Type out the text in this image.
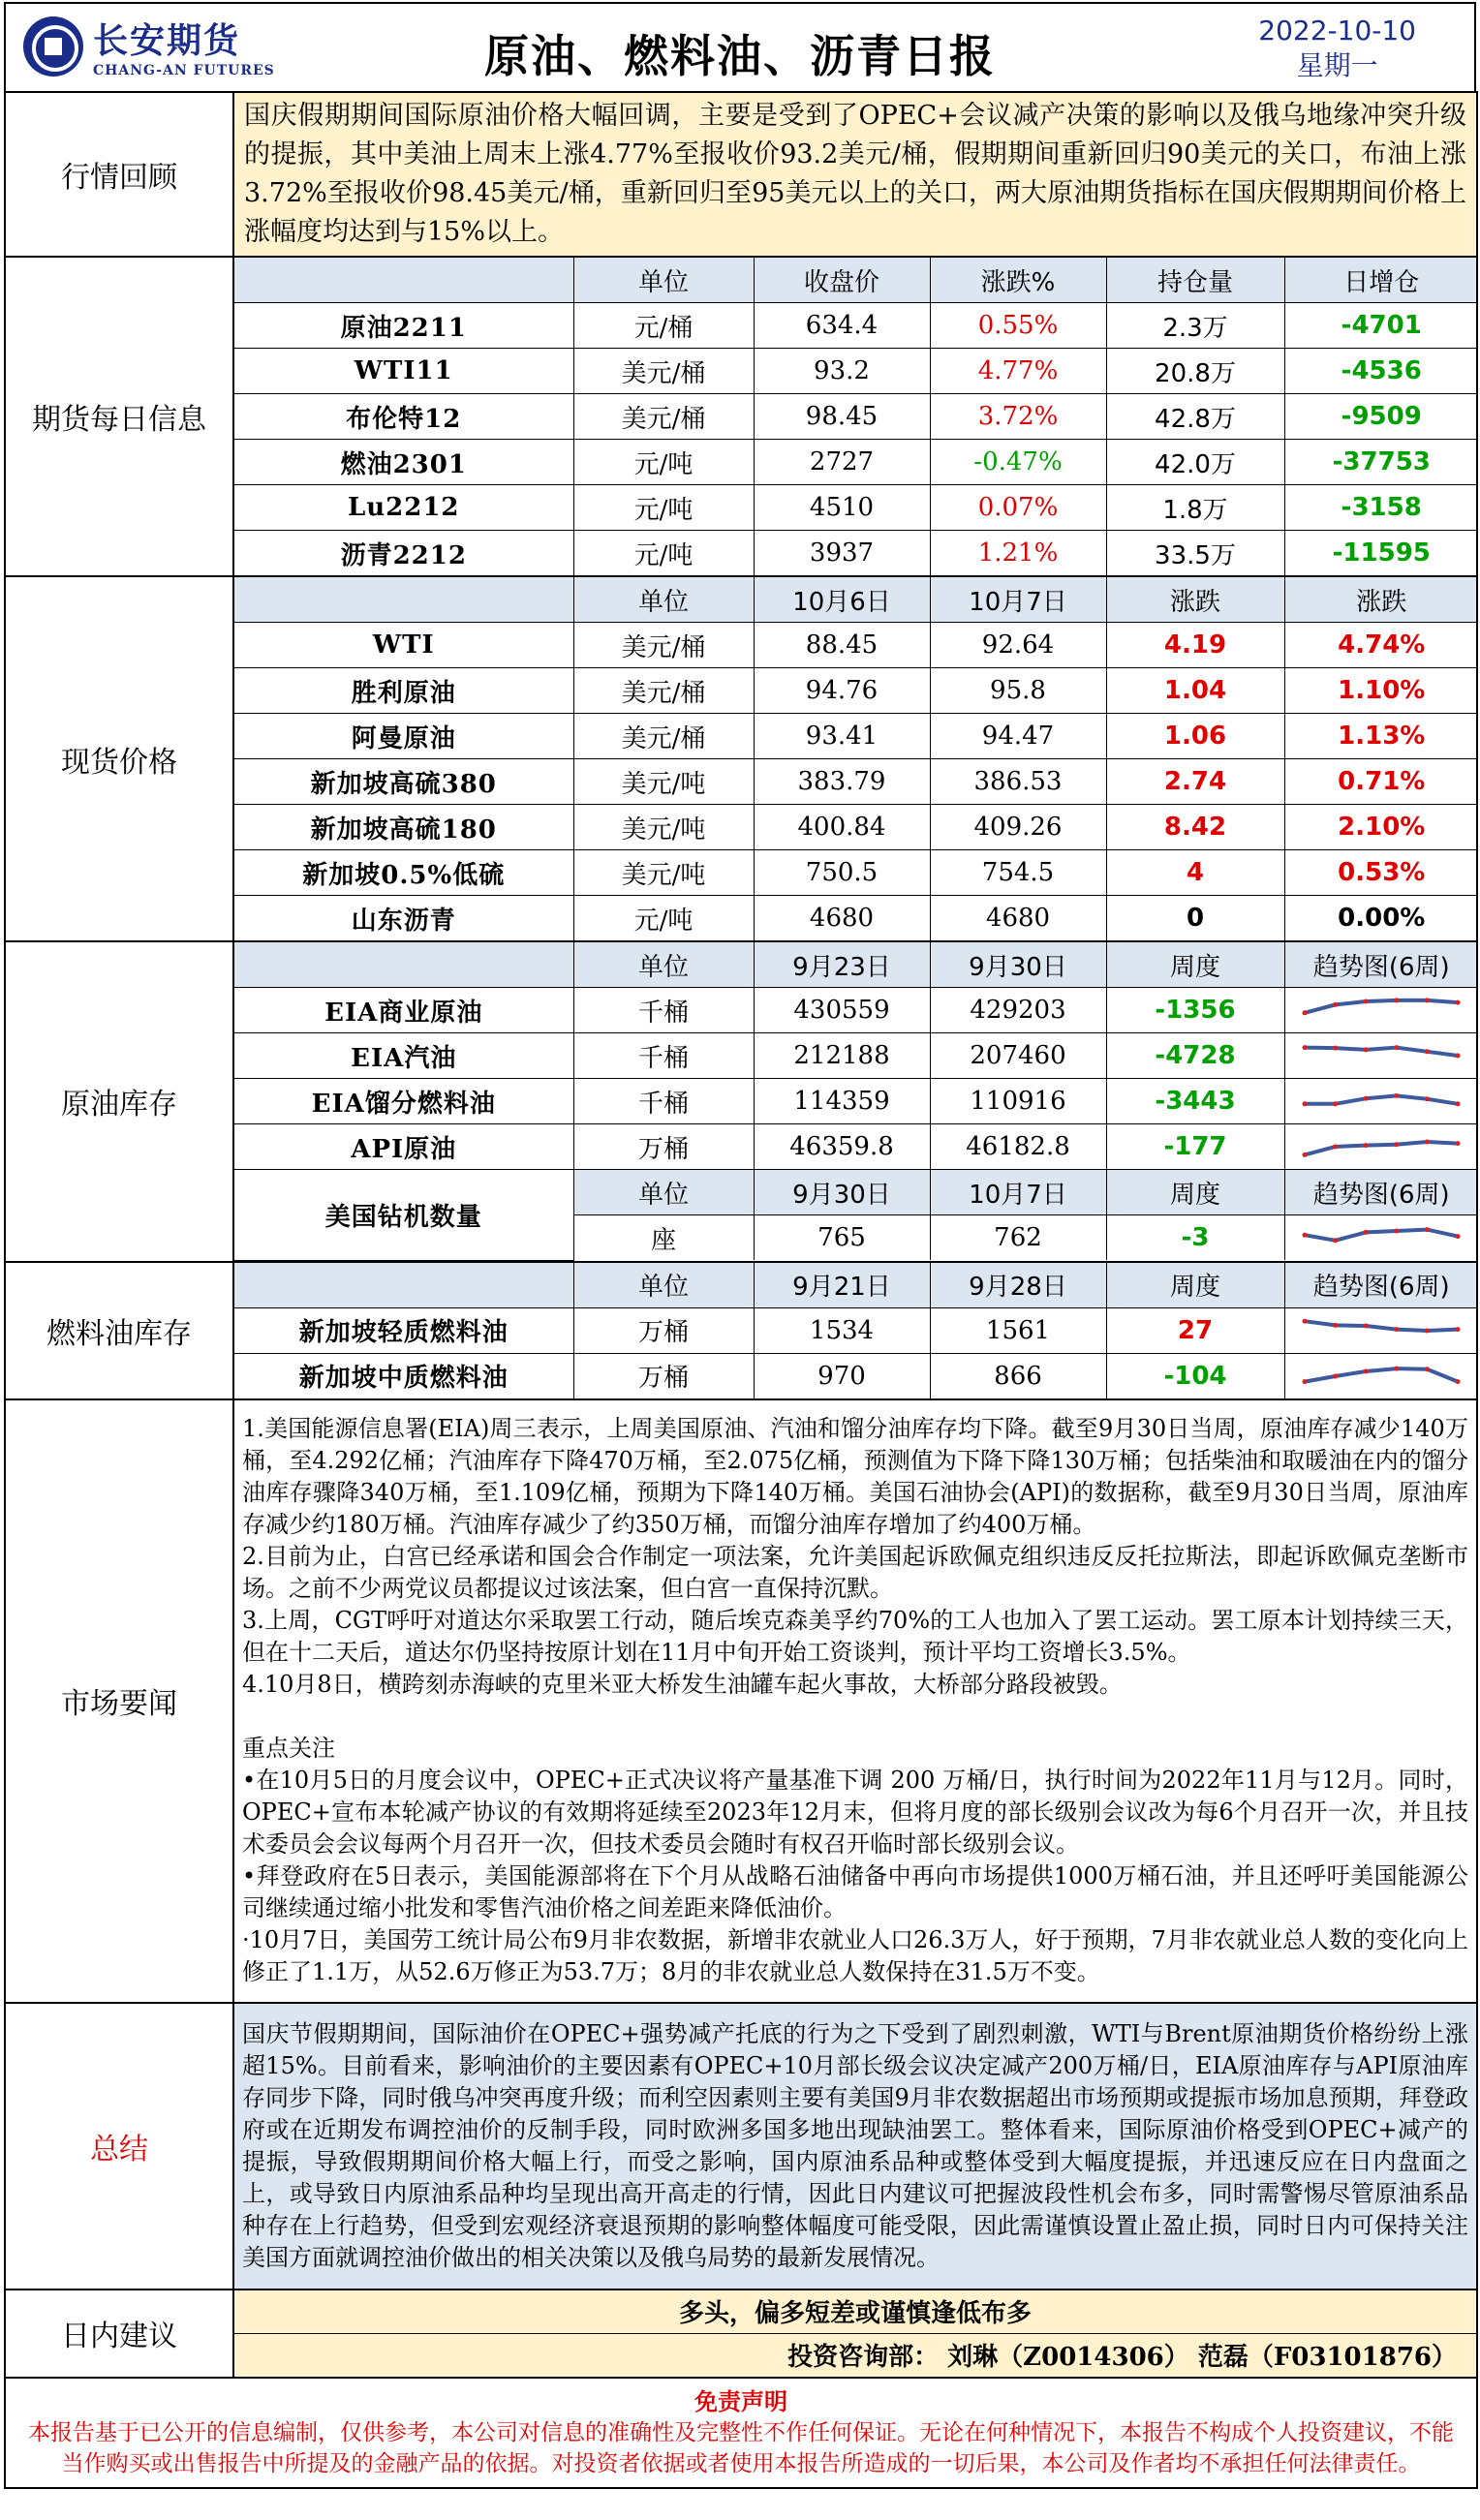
长安期货
CHANG-AN FUTURES	原油、燃料油、沥青日报	2022-10-10
星期一
行情回顾	国庆假期期间国际原油价格大幅回调，主要是受到了OPEC+会议减产决策的影响以及俄乌地缘冲突升级的提振，其中美油上周末上涨4.77%至报收价93.2美元/桶，假期期间重新回归90美元的关口，布油上涨3.72%至报收价98.45美元/桶，重新回归至95美元以上的关口，两大原油期货指标在国庆假期期间价格上涨幅度均达到与15%以上。
期货每日信息	
	单位	收盘价	涨跌%	持仓量	日增仓
原油2211	元/桶	634.4	0.55%	2.3万	-4701
WTI11	美元/桶	93.2	4.77%	20.8万	-4536
布伦特12	美元/桶	98.45	3.72%	42.8万	-9509
燃油2301	元/吨	2727	-0.47%	42.0万	-37753
Lu2212	元/吨	4510	0.07%	1.8万	-3158
沥青2212	元/吨	3937	1.21%	33.5万	-11595

现货价格	
	单位	10月6日	10月7日	涨跌	涨跌
WTI	美元/桶	88.45	92.64	4.19	4.74%
胜利原油	美元/桶	94.76	95.8	1.04	1.10%
阿曼原油	美元/桶	93.41	94.47	1.06	1.13%
新加坡高硫380	美元/吨	383.79	386.53	2.74	0.71%
新加坡高硫180	美元/吨	400.84	409.26	8.42	2.10%
新加坡0.5%低硫	美元/吨	750.5	754.5	4	0.53%
山东沥青	元/吨	4680	4680	0	0.00%

原油库存	
	单位	9月23日	9月30日	周度	趋势图(6周)
EIA商业原油	千桶	430559	429203	-1356	

EIA汽油	千桶	212188	207460	-4728	

EIA馏分燃料油	千桶	114359	110916	-3443	

API原油	万桶	46359.8	46182.8	-177	

美国钻机数量	单位	9月30日	10月7日	周度	趋势图(6周)
座	765	762	-3	

燃料油库存	
	单位	9月21日	9月28日	周度	趋势图(6周)
新加坡轻质燃料油	万桶	1534	1561	27	

新加坡中质燃料油	万桶	970	866	-104	

市场要闻	

1.美国能源信息署(EIA)周三表示，上周美国原油、汽油和馏分油库存均下降。截至9月30日当周，原油库存减少140万桶，至4.292亿桶；汽油库存下降470万桶，至2.075亿桶，预测值为下降下降130万桶；包括柴油和取暖油在内的馏分油库存骤降340万桶，至1.109亿桶，预期为下降140万桶。美国石油协会(API)的数据称，截至9月30日当周，原油库存减少约180万桶。汽油库存减少了约350万桶，而馏分油库存增加了约400万桶。

2.目前为止，白宫已经承诺和国会合作制定一项法案，允许美国起诉欧佩克组织违反反托拉斯法，即起诉欧佩克垄断市场。之前不少两党议员都提议过该法案，但白宫一直保持沉默。

3.上周，CGT呼吁对道达尔采取罢工行动，随后埃克森美孚约70%的工人也加入了罢工运动。罢工原本计划持续三天，但在十二天后，道达尔仍坚持按原计划在11月中旬开始工资谈判，预计平均工资增长3.5%。

4.10月8日，横跨刻赤海峡的克里米亚大桥发生油罐车起火事故，大桥部分路段被毁。

重点关注

•在10月5日的月度会议中，OPEC+正式决议将产量基准下调 200 万桶/日，执行时间为2022年11月与12月。同时，OPEC+宣布本轮减产协议的有效期将延续至2023年12月末，但将月度的部长级别会议改为每6个月召开一次，并且技术委员会会议每两个月召开一次，但技术委员会随时有权召开临时部长级别会议。

•拜登政府在5日表示，美国能源部将在下个月从战略石油储备中再向市场提供1000万桶石油，并且还呼吁美国能源公司继续通过缩小批发和零售汽油价格之间差距来降低油价。

·10月7日，美国劳工统计局公布9月非农数据，新增非农就业人口26.3万人，好于预期，7月非农就业总人数的变化向上修正了1.1万，从52.6万修正为53.7万；8月的非农就业总人数保持在31.5万不变。

总结	国庆节假期期间，国际油价在OPEC+强势减产托底的行为之下受到了剧烈刺激，WTI与Brent原油期货价格纷纷上涨超15%。目前看来，影响油价的主要因素有OPEC+10月部长级会议决定减产200万桶/日，EIA原油库存与API原油库存同步下降，同时俄乌冲突再度升级；而利空因素则主要有美国9月非农数据超出市场预期或提振市场加息预期，拜登政府或在近期发布调控油价的反制手段，同时欧洲多国多地出现缺油罢工。整体看来，国际原油价格受到OPEC+减产的提振，导致假期期间价格大幅上行，而受之影响，国内原油系品种或整体受到大幅度提振，并迅速反应在日内盘面之上，或导致日内原油系品种均呈现出高开高走的行情，因此日内建议可把握波段性机会布多，同时需警惕尽管原油系品种存在上行趋势，但受到宏观经济衰退预期的影响整体幅度可能受限，因此需谨慎设置止盈止损，同时日内可保持关注美国方面就调控油价做出的相关决策以及俄乌局势的最新发展情况。
日内建议	
多头，偏多短差或谨慎逢低布多
投资咨询部： 刘琳（Z0014306） 范磊（F03101876）

免责声明
本报告基于已公开的信息编制，仅供参考，本公司对信息的准确性及完整性不作任何保证。无论在何种情况下，本报告不构成个人投资建议，不能当作购买或出售报告中所提及的金融产品的依据。对投资者依据或者使用本报告所造成的一切后果，本公司及作者均不承担任何法律责任。
